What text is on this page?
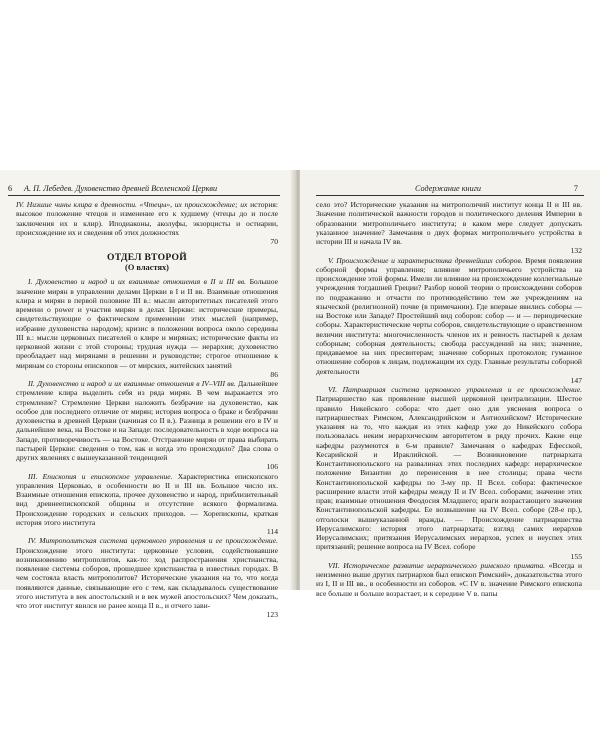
6 А. П. Лебедев. Духовенство древней Вселенской Церкви

IV. Низшие чины клира в древности. «Чтецы», их происхождение; их история: высокое положение чтецов и изменение его к худшему (чтецы до и после заключения их в клир). Иподиаконы, аколуфы, экзорцисты и остиарии, происхождение их и сведения об этих должностях
70

ОТДЕЛ ВТОРОЙ
(О властях)

I. Духовенство и народ и их взаимные отношения в II и III вв. Большое значение мирян в управлении делами Церкви в I и II вв. Взаимные отношения клира и мирян в первой половине III в.: мысли авторитетных писателей этого времени о power и участия мирян в делах Церкви: исторические примеры, свидетельствующие о фактическом применении этих мыслей (например, избрание духовенства народом); кризис в положении вопроса около середины III в.: мысли церковных писателей о клире и мирянах; исторические факты из церковной жизни с этой стороны; трудная нужда — иерархия; духовенство преобладает над мирянами в решении и руководстве; строгое отношение к мирянам со стороны епископов — от мирских, житейских занятий
86

II. Духовенство и народ и их взаимные отношения в IV–VIII вв. Дальнейшее стремление клира выделить себя из ряда мирян. В чем выражается это стремление? Стремление Церкви наложить безбрачие на духовенство, как особое для последнего отличие от мирян; история вопроса о браке и безбрачии духовенства в древней Церкви (начиная со II в.). Разница в решении его в IV и дальнейшие века, на Востоке и на Западе: последовательность в ходе вопроса на Западе, противоречивость — на Востоке. Отстранение мирян от права выбирать пастырей Церкви: сведения о том, как и когда это происходило? Два слова о других явлениях с вышеуказанной тенденцией
106

III. Епископия и епископское управление. Характеристика епископского управления Церковью, в особенности во II и III вв. Большое число их. Взаимные отношения епископа, прочее духовенство и народ, приблизительный вид древнеепископской общины и отсутствие всякого формализма. Происхождение городских и сельских приходов. — Хорепископы, краткая история этого института
114

IV. Митрополитская система церковного управления и ее происхождение. Происхождение этого института: церковные условия, содействовавшие возникновению митрополитов, как-то: ход распространения христианства, появление системы соборов, прошедшее христианства в известных городах. В чем состояла власть митрополитов? Исторические указания на то, что когда появляются данные, связывающие его с тем, как складывалось существование этого института в век апостольский и в век мужей апостольских? Чем доказать, что этот институт явился не ранее конца II в., и отчего зави-
123

Содержание книги	7

село это? Исторические указания на митрополичий институт конца II и III вв. Значение политической важности городов и политического деления Империи в образовании митрополичьего института; в каком мере следует допускать указанное значение? Замечания о двух формах митрополичьего устройства в истории III и начала IV вв.
132

V. Происхождение и характеристика древнейших соборов. Время появления соборной формы управления; влияние митрополичьего устройства на происхождение этой формы. Имели ли влияние на происхождение коллегиальные учреждения тогдашней Греции? Разбор новой теории о происхождении соборов по подражанию и отчасти по противодействию тем же учреждениям на языческой (религиозной) почве (в примечании). Где впервые явились соборы — на Востоке или Западе? Простейший вид соборов: собор — и — периодические соборы. Характеристические черты соборов, свидетельствующие о нравственном величии института: многочисленность членов их и ревность пастырей к делам соборным; соборная деятельность; свобода рассуждений на них; значение, придаваемое на них пресвитерам; значение соборных протоколов; гуманное отношение соборов к лицам, подлежащим их суду. Главные результаты соборной деятельности
147

VI. Патриаршая система церковного управления и ее происхождение. Патриаршество как проявление высшей церковной централизации. Шестое правило Никейского собора: что дает оно для уяснения вопроса о патриаршествах Римском, Александрийском и Антиохийском? Исторические указания на то, что каждая из этих кафедр уже до Никейского собора пользовалась неким иерархическим авторитетом в ряду прочих. Какие еще кафедры разумеются в 6-м правиле? Замечания о кафедрах Ефесской, Кесарийской и Ираклийской. — Возникновение патриархата Константинопольского на развалинах этих последних кафедр: иерархическое положение Византии до перенесения в нее столицы; правa чести Константинопольской кафедры по 3-му пр. II Всел. собора: фактическое расширение власти этой кафедры между II и IV Всел. соборами; значение этих прав; взаимные отношения Феодосия Младшего; враги возрастающего значения Константинопольской кафедры. Ее возвышение на IV Всел. соборе (28-е пр.), отголоски вышеуказанной вражды. — Происхождение патриаршества Иерусалимского: история этого патриархата; взгляд самих иерархов Иерусалимских; притязания Иерусалимских иерархов, успех и неуспех этих притязаний; решение вопроса на IV Всел. соборе
155

VII. Историческое развитие иерархического римского примата. «Всегда и неизменно выше других патриархов был епископ Римский», доказательства этого из I, II и III вв., в особенности из соборов. «С IV в. значение Римского епископа все больше и больше возрастает, и к середине V в. папы
